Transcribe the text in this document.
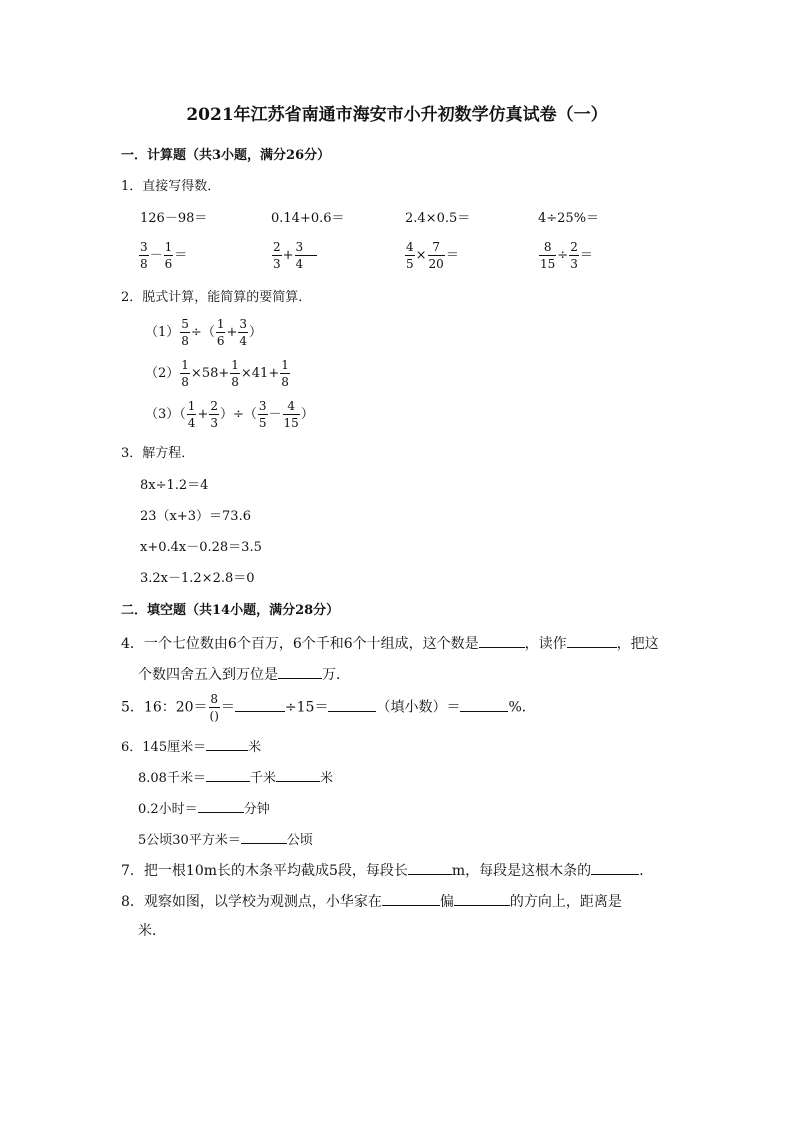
2021年江苏省南通市海安市小升初数学仿真试卷（一）
一．计算题（共3小题，满分26分）
1．直接写得数．
126－98＝	0.14+0.6＝	2.4×0.5＝	4÷25%＝
$\frac{3}{8} - \frac{1}{6}$ ＝	$\frac{2}{3} + \frac{3}{4}$	$\frac{4}{5} \times \frac{7}{20}$ ＝	$\frac{8}{15} \div \frac{2}{3}$ ＝
2．脱式计算，能简算的要简算．
$(1) \frac{5}{8}$ ÷（ $\frac{1}{6} + \frac{3}{4}$ ）
$(2) \frac{1}{8} \times 58+ \frac{1}{8} \times 41+ \frac{1}{8}$
$(3)( \frac{1}{4} + \frac{2}{3}$ ）÷（ $\frac{3}{5} - \frac{4}{15}$ ）
3．解方程．
8x÷1.2＝4
23（x+3）＝73.6
x+0.4x－0.28＝3.5
3.2x－1.2×2.8＝0
二．填空题（共14小题，满分28分）
4．一个七位数由6个百万，6个千和6个十组成，这个数是	，读作	，把这
个数四舍五入到万位是	万．
5．16：$20= \frac{8}{()}$ ＝	÷15＝	（填小数）＝	%．
6．145厘米＝	米
8.08千米＝	千米	米
0.2小时＝	分钟
5公顷30平方米＝	公顷
7．把一根10m长的木条平均截成5段，每段长	m，每段是这根木条的	．
8．观察如图，以学校为观测点，小华家在	偏	的方向上，距离是
米．
